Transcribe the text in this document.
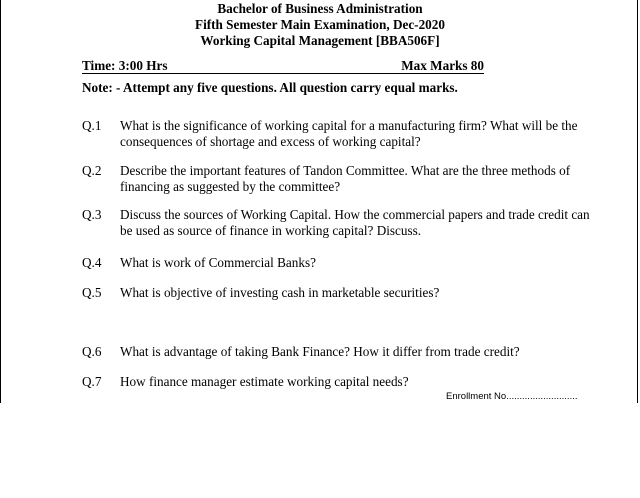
Bachelor of Business Administration
Fifth Semester Main Examination, Dec-2020
Working Capital Management [BBA506F]
Time: 3:00 Hrs	Max Marks 80

Note: - Attempt any five questions. All question carry equal marks.
Q.1	What is the significance of working capital for a manufacturing firm? What will be the consequences of shortage and excess of working capital?
Q.2	Describe the important features of Tandon Committee. What are the three methods of financing as suggested by the committee?
Q.3	Discuss the sources of Working Capital. How the commercial papers and trade credit can be used as source of finance in working capital? Discuss.
Q.4	What is work of Commercial Banks?
Q.5	What is objective of investing cash in marketable securities?
Q.6	What is advantage of taking Bank Finance? How it differ from trade credit?
Q.7	How finance manager estimate working capital needs?
Enrollment No...........................
